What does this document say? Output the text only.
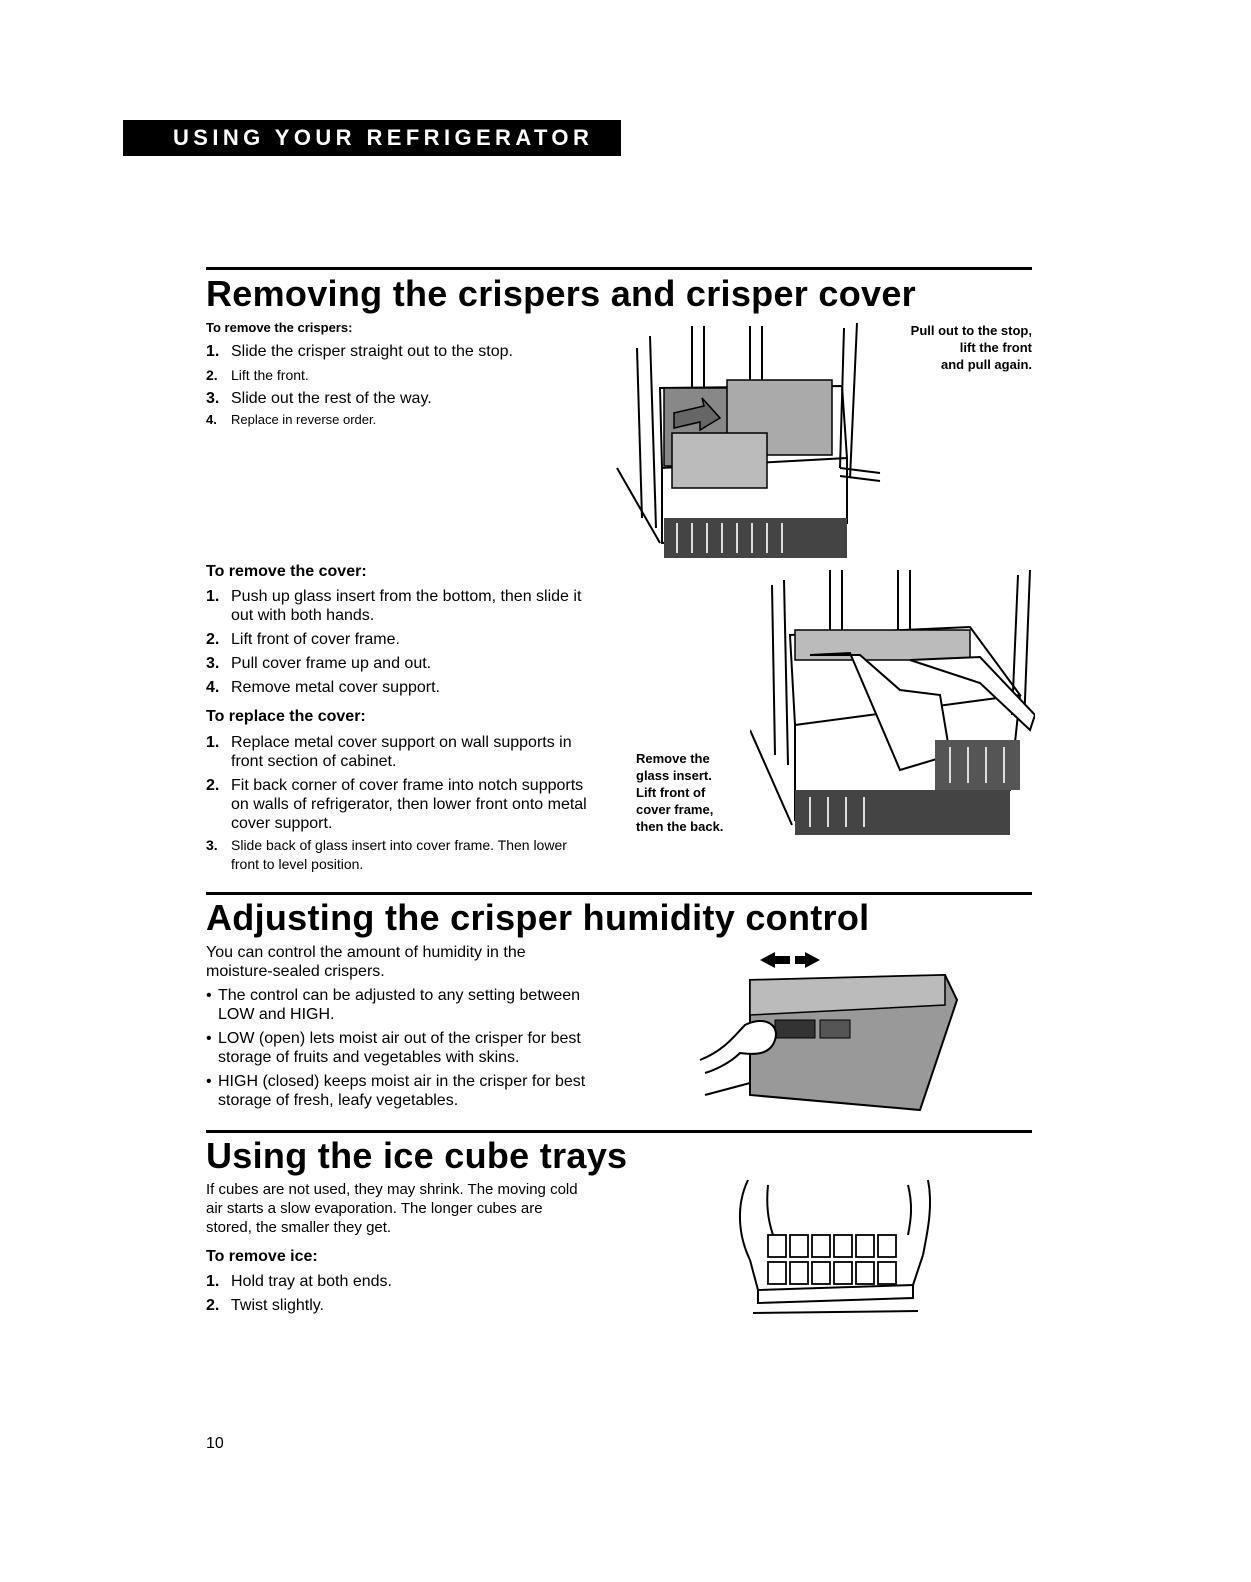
USING YOUR REFRIGERATOR
Removing the crispers and crisper cover
To remove the crispers:
1. Slide the crisper straight out to the stop.
2. Lift the front.
3. Slide out the rest of the way.
4. Replace in reverse order.
Pull out to the stop,
lift the front
and pull again.
To remove the cover:
1. Push up glass insert from the bottom, then slide it out with both hands.
2. Lift front of cover frame.
3. Pull cover frame up and out.
4. Remove metal cover support.
To replace the cover:
1. Replace metal cover support on wall supports in front section of cabinet.
2. Fit back corner of cover frame into notch supports on walls of refrigerator, then lower front onto metal cover support.
3. Slide back of glass insert into cover frame. Then lower front to level position.
Remove the
glass insert.
Lift front of
cover frame,
then the back.
Adjusting the crisper humidity control

You can control the amount of humidity in the moisture-sealed crispers.

• The control can be adjusted to any setting between LOW and HIGH.
• LOW (open) lets moist air out of the crisper for best storage of fruits and vegetables with skins.
• HIGH (closed) keeps moist air in the crisper for best storage of fresh, leafy vegetables.
Using the ice cube trays

If cubes are not used, they may shrink. The moving cold air starts a slow evaporation. The longer cubes are stored, the smaller they get.

To remove ice:
1. Hold tray at both ends.
2. Twist slightly.
10
